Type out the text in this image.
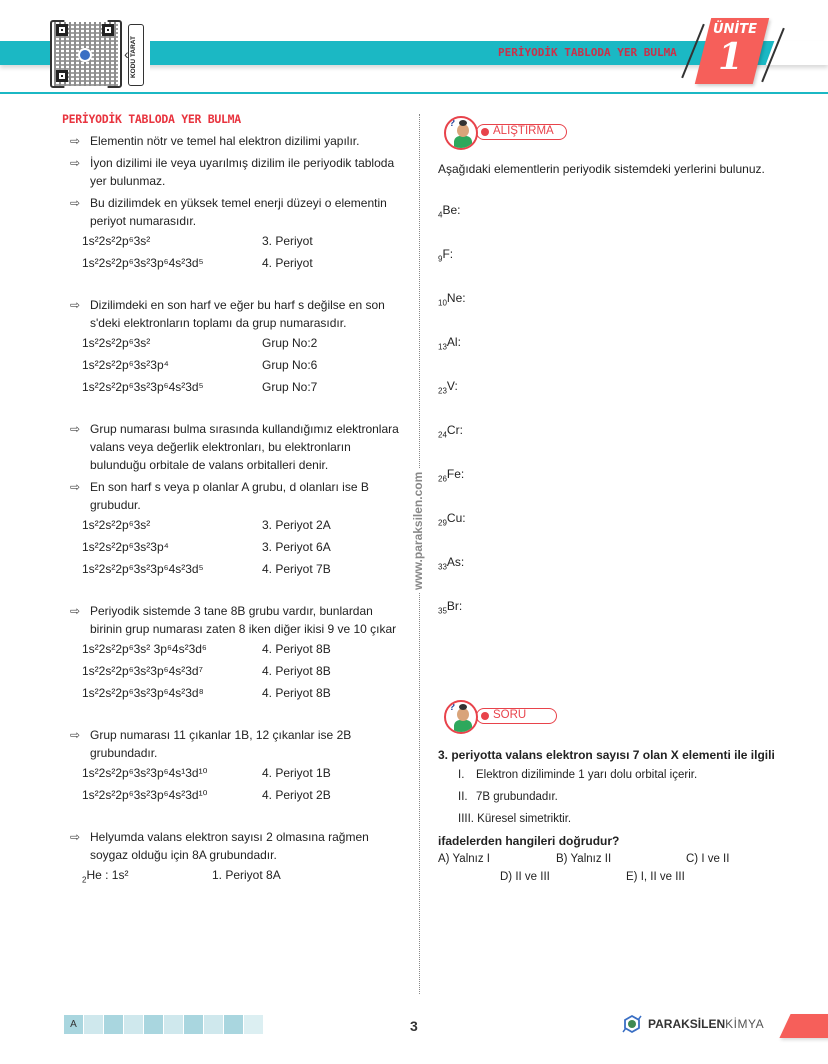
PERİYODİK TABLODA YER BULMA
ÜNİTE
1
‹ KODU TARAT
www.paraksilen.com
PERİYODİK TABLODA YER BULMA
⇨ Elementin nötr ve temel hal elektron dizilimi yapılır.
⇨ İyon dizilimi ile veya uyarılmış dizilim ile periyodik tabloda yer bulunmaz.
⇨ Bu dizilimdek en yüksek temel enerji düzeyi o elementin periyot numarasıdır.
1s²2s²2p⁶3s²	3. Periyot
1s²2s²2p⁶3s²3p⁶4s²3d⁵	4. Periyot
⇨ Dizilimdeki en son harf ve eğer bu harf s değilse en son s'deki elektronların toplamı da grup numarasıdır.
1s²2s²2p⁶3s²	Grup No:2
1s²2s²2p⁶3s²3p⁴	Grup No:6
1s²2s²2p⁶3s²3p⁶4s²3d⁵	Grup No:7
⇨ Grup numarası bulma sırasında kullandığımız elektronlara valans veya değerlik elektronları, bu elektronların bulunduğu orbitale de valans orbitalleri denir.
⇨ En son harf s veya p olanlar A grubu, d olanları ise B grubudur.
1s²2s²2p⁶3s²	3. Periyot 2A
1s²2s²2p⁶3s²3p⁴	3. Periyot 6A
1s²2s²2p⁶3s²3p⁶4s²3d⁵	4. Periyot 7B
⇨ Periyodik sistemde 3 tane 8B grubu vardır, bunlardan birinin grup numarası zaten 8 iken diğer ikisi 9 ve 10 çıkar
1s²2s²2p⁶3s² 3p⁶4s²3d⁶	4. Periyot 8B
1s²2s²2p⁶3s²3p⁶4s²3d⁷	4. Periyot 8B
1s²2s²2p⁶3s²3p⁶4s²3d⁸	4. Periyot 8B
⇨ Grup numarası 11 çıkanlar 1B, 12 çıkanlar ise 2B grubundadır.
1s²2s²2p⁶3s²3p⁶4s¹3d¹⁰	4. Periyot 1B
1s²2s²2p⁶3s²3p⁶4s²3d¹⁰	4. Periyot 2B
⇨ Helyumda valans elektron sayısı 2 olmasına rağmen soygaz olduğu için 8A grubundadır.
$_2$He : 1s²	1. Periyot 8A
?
ALIŞTIRMA
Aşağıdaki elementlerin periyodik sistemdeki yerlerini bulunuz.
$_4$Be:
$_9$F:
$_{10}$Ne:
$_{13}$Al:
$_{23}$V:
$_{24}$Cr:
$_{26}$Fe:
$_{29}$Cu:
$_{33}$As:
$_{35}$Br:
?
SORU
3. periyotta valans elektron sayısı 7 olan X elementi ile ilgili
I.	Elektron diziliminde 1 yarı dolu orbital içerir.
II. 7B grubundadır.
IIII. Küresel simetriktir.
ifadelerden hangileri doğrudur?
A) Yalnız I	B) Yalnız II	C) I ve II
D) II ve III	E) I, II ve III
A	3	PARAKSİLEN KİMYA
